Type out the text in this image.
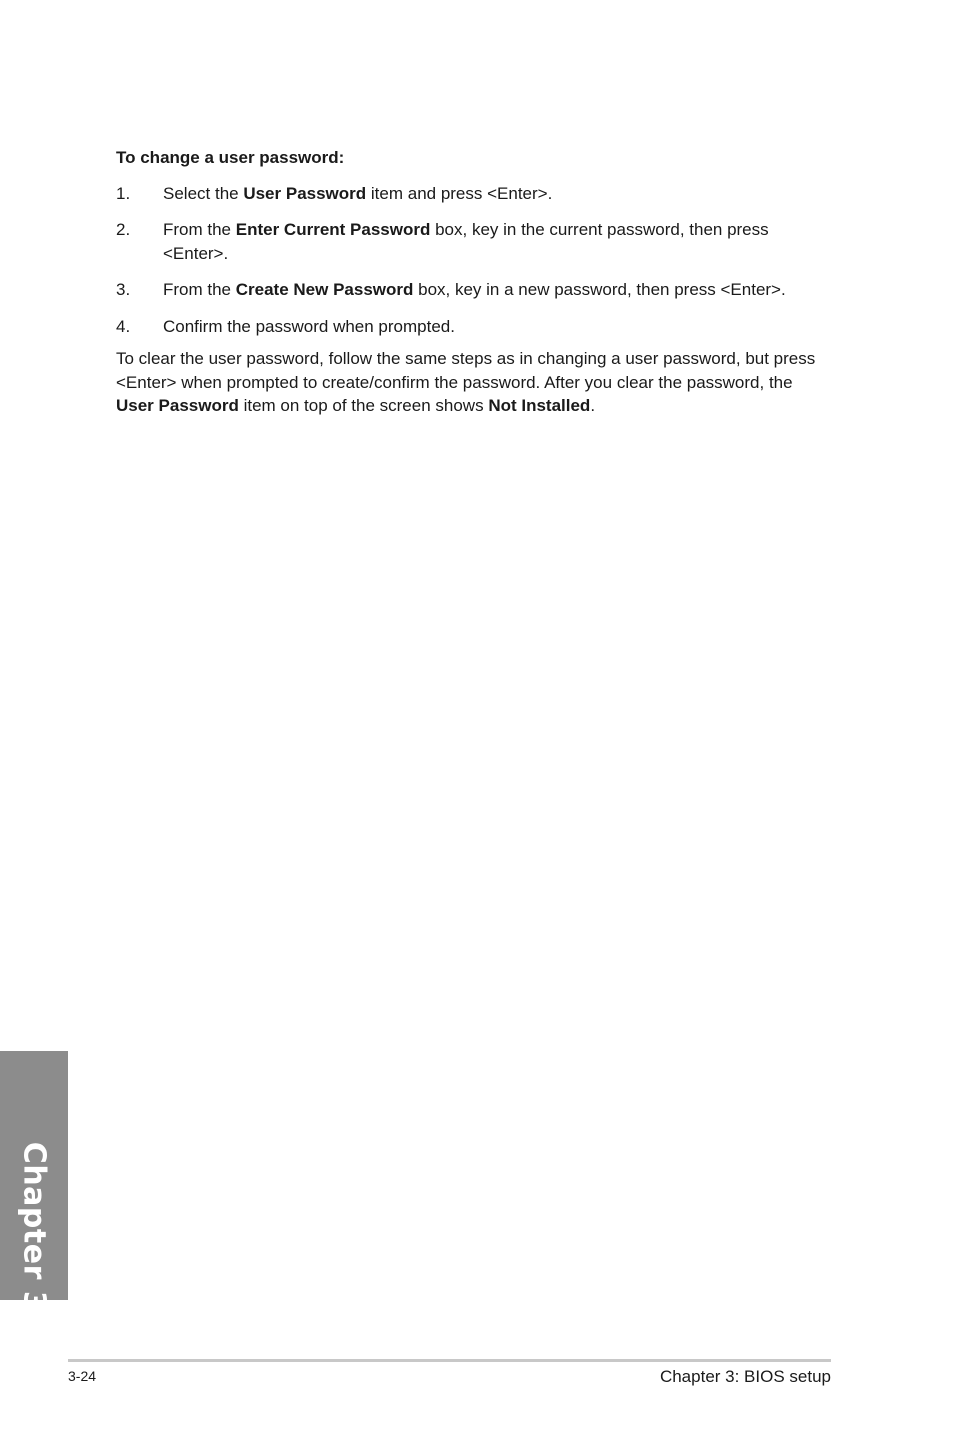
To change a user password:

1.	Select the User Password item and press <Enter>.
2.	From the Enter Current Password box, key in the current password, then press <Enter>.
3.	From the Create New Password box, key in a new password, then press <Enter>.
4.	Confirm the password when prompted.

To clear the user password, follow the same steps as in changing a user password, but press <Enter> when prompted to create/confirm the password. After you clear the password, the User Password item on top of the screen shows Not Installed.

Chapter 3
3-24	Chapter 3: BIOS setup
